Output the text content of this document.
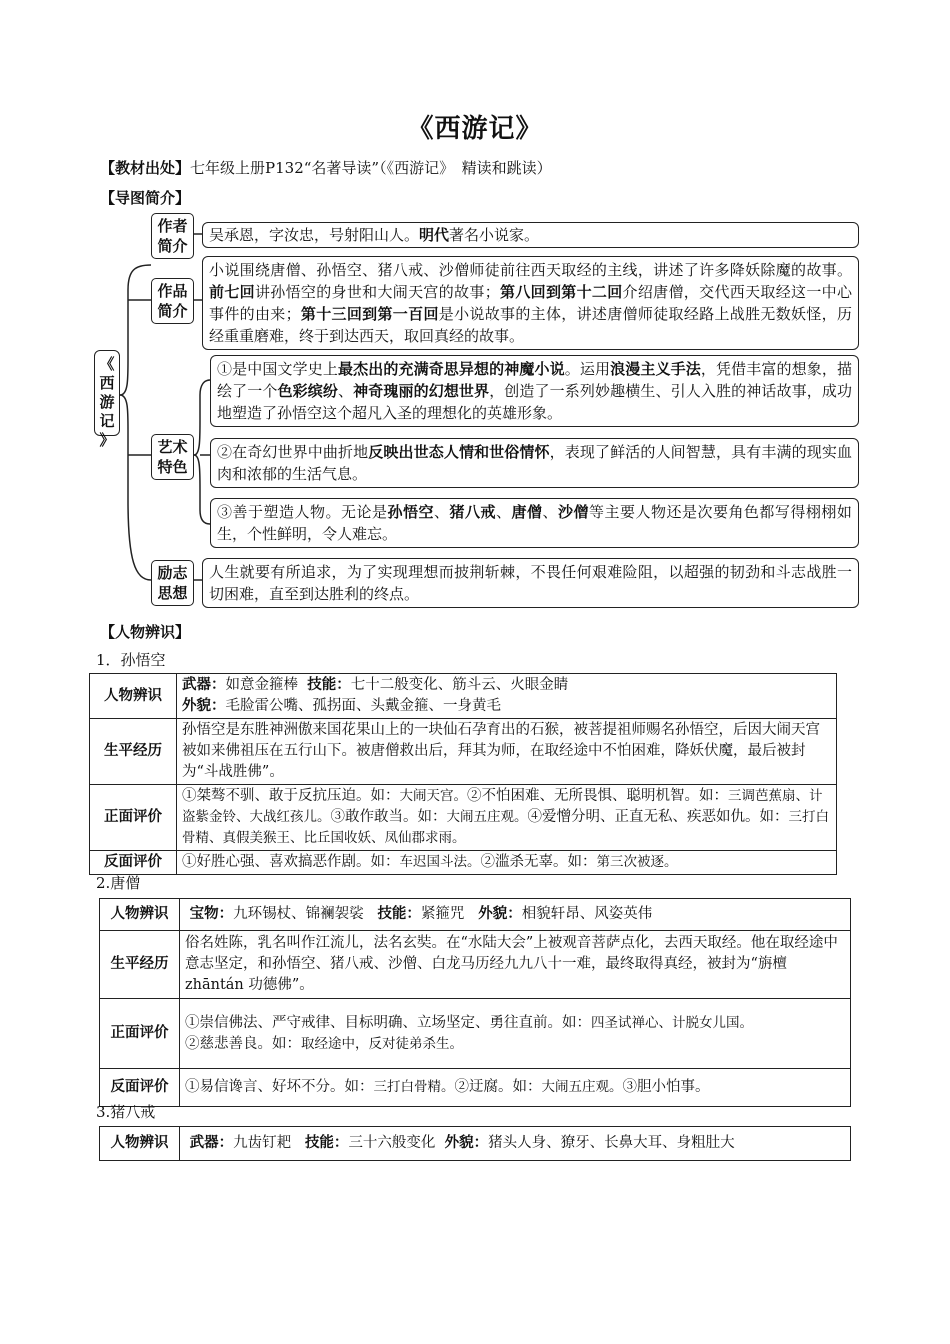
《西游记》
【教材出处】七年级上册P132“名著导读”（《西游记》　精读和跳读）
【导图简介】
《
西
游
记
》
作者
简介
吴承恩，字汝忠，号射阳山人。明代著名小说家。
作品
简介
小说围绕唐僧、孙悟空、猪八戒、沙僧师徒前往西天取经的主线，讲述了许多降妖除魔的故事。前七回讲孙悟空的身世和大闹天宫的故事；第八回到第十二回介绍唐僧，交代西天取经这一中心事件的由来；第十三回到第一百回是小说故事的主体，讲述唐僧师徒取经路上战胜无数妖怪，历经重重磨难，终于到达西天，取回真经的故事。
艺术
特色
①是中国文学史上最杰出的充满奇思异想的神魔小说。运用浪漫主义手法，凭借丰富的想象，描绘了一个色彩缤纷、神奇瑰丽的幻想世界，创造了一系列妙趣横生、引人入胜的神话故事，成功地塑造了孙悟空这个超凡入圣的理想化的英雄形象。
②在奇幻世界中曲折地反映出世态人情和世俗情怀，表现了鲜活的人间智慧，具有丰满的现实血肉和浓郁的生活气息。
③善于塑造人物。无论是孙悟空、猪八戒、唐僧、沙僧等主要人物还是次要角色都写得栩栩如生，个性鲜明，令人难忘。
励志
思想
人生就要有所追求，为了实现理想而披荆斩棘，不畏任何艰难险阻，以超强的韧劲和斗志战胜一切困难，直至到达胜利的终点。
【人物辨识】
1．孙悟空
人物辨识	武器：如意金箍棒 技能：七十二般变化、筋斗云、火眼金睛
外貌：毛脸雷公嘴、孤拐面、头戴金箍、一身黄毛
生平经历	孙悟空是东胜神洲傲来国花果山上的一块仙石孕育出的石猴，被菩提祖师赐名孙悟空，后因大闹天宫被如来佛祖压在五行山下。被唐僧救出后，拜其为师，在取经途中不怕困难，降妖伏魔，最后被封为“斗战胜佛”。
正面评价	①桀骜不驯、敢于反抗压迫。如：大闹天宫。②不怕困难、无所畏惧、聪明机智。如：三调芭蕉扇、计盗紫金铃、大战红孩儿。③敢作敢当。如：大闹五庄观。④爱憎分明、正直无私、疾恶如仇。如：三打白骨精、真假美猴王、比丘国收妖、凤仙郡求雨。
反面评价	①好胜心强、喜欢搞恶作剧。如：车迟国斗法。②滥杀无辜。如：第三次被逐。
2.唐僧
人物辨识	宝物：九环锡杖、锦襕袈裟 技能：紧箍咒 外貌：相貌轩昂、风姿英伟
生平经历	俗名姓陈，乳名叫作江流儿，法名玄奘。在“水陆大会”上被观音菩萨点化，去西天取经。他在取经途中意志坚定，和孙悟空、猪八戒、沙僧、白龙马历经九九八十一难，最终取得真经，被封为“旃檀 zhāntán 功德佛”。
正面评价	①崇信佛法、严守戒律、目标明确、立场坚定、勇往直前。如：四圣试禅心、计脱女儿国。
②慈悲善良。如：取经途中，反对徒弟杀生。
反面评价	①易信谗言、好坏不分。如：三打白骨精。②迂腐。如：大闹五庄观。③胆小怕事。
3.猪八戒
人物辨识	武器：九齿钉耙 技能：三十六般变化 外貌：猪头人身、獠牙、长鼻大耳、身粗肚大
